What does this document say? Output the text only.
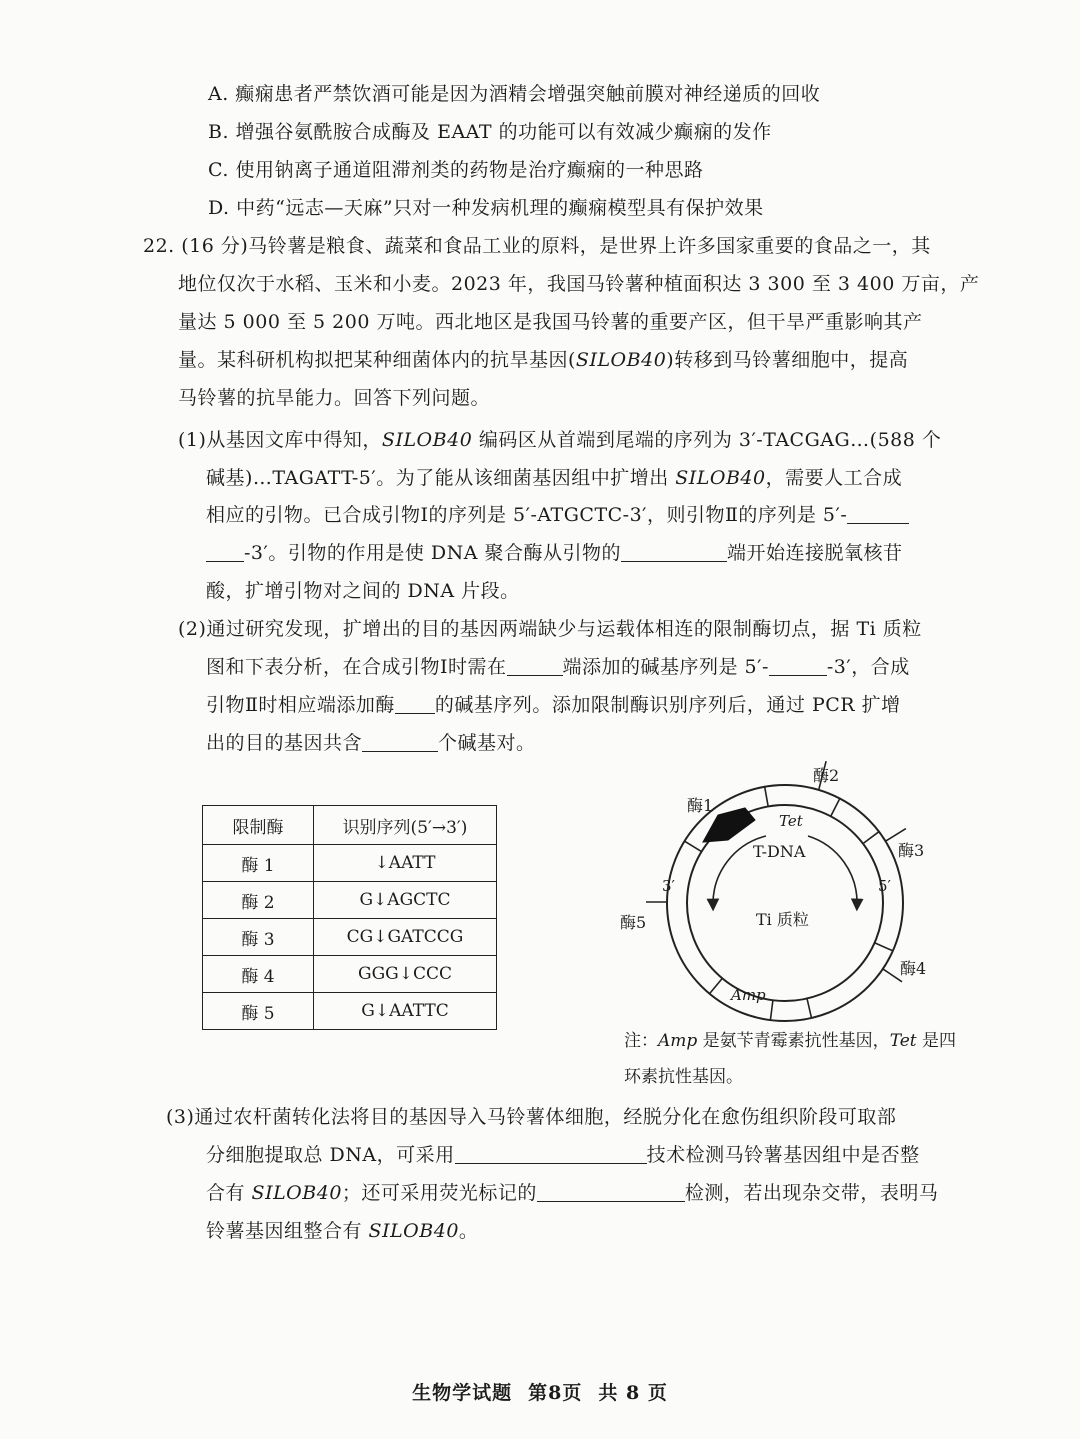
A. 癫痫患者严禁饮酒可能是因为酒精会增强突触前膜对神经递质的回收
B. 增强谷氨酰胺合成酶及 EAAT 的功能可以有效减少癫痫的发作
C. 使用钠离子通道阻滞剂类的药物是治疗癫痫的一种思路
D. 中药“远志—天麻”只对一种发病机理的癫痫模型具有保护效果
22. (16 分)马铃薯是粮食、蔬菜和食品工业的原料，是世界上许多国家重要的食品之一，其
地位仅次于水稻、玉米和小麦。2023 年，我国马铃薯种植面积达 3 300 至 3 400 万亩，产
量达 5 000 至 5 200 万吨。西北地区是我国马铃薯的重要产区，但干旱严重影响其产
量。某科研机构拟把某种细菌体内的抗旱基因(SILOB40)转移到马铃薯细胞中，提高
马铃薯的抗旱能力。回答下列问题。
(1)从基因文库中得知，SILOB40 编码区从首端到尾端的序列为 3′-TACGAG…(588 个
碱基)…TAGATT-5′。为了能从该细菌基因组中扩增出 SILOB40，需要人工合成
相应的引物。已合成引物Ⅰ的序列是 5′-ATGCTC-3′，则引物Ⅱ的序列是 5′-
-3′。引物的作用是使 DNA 聚合酶从引物的	端开始连接脱氧核苷
酸，扩增引物对之间的 DNA 片段。
(2)通过研究发现，扩增出的目的基因两端缺少与运载体相连的限制酶切点，据 Ti 质粒
图和下表分析，在合成引物Ⅰ时需在	端添加的碱基序列是 5′-	-3′，合成
引物Ⅱ时相应端添加酶 的碱基序列。添加限制酶识别序列后，通过 PCR 扩增
出的目的基因共含	个碱基对。
限制酶	识别序列(5′→3′)
酶 1	↓AATT
酶 2	G↓AGCTC
酶 3	CG↓GATCCG
酶 4	GGG↓CCC
酶 5	G↓AATTC
酶1
酶2
酶3
酶4
酶5
Tet
T-DNA
Amp
Ti 质粒
3′	5′
注：Amp 是氨苄青霉素抗性基因，Tet 是四
环素抗性基因。
(3)通过农杆菌转化法将目的基因导入马铃薯体细胞，经脱分化在愈伤组织阶段可取部
分细胞提取总 DNA，可采用	技术检测马铃薯基因组中是否整
合有 SILOB40；还可采用荧光标记的	检测，若出现杂交带，表明马
铃薯基因组整合有 SILOB40。
生物学试题 第8页 共 8 页
